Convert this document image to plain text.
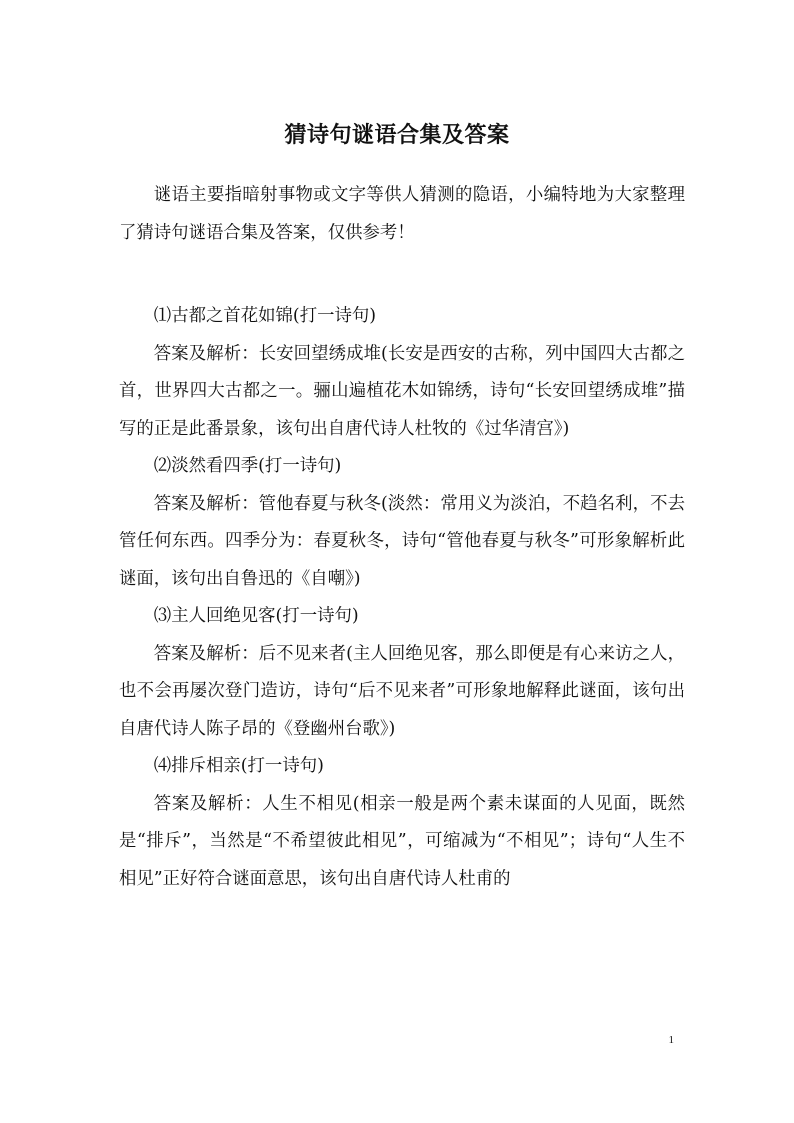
猜诗句谜语合集及答案

谜语主要指暗射事物或文字等供人猜测的隐语，小编特地为大家整理了猜诗句谜语合集及答案，仅供参考！

⑴古都之首花如锦(打一诗句)

答案及解析：长安回望绣成堆(长安是西安的古称，列中国四大古都之首，世界四大古都之一。骊山遍植花木如锦绣，诗句“长安回望绣成堆”描写的正是此番景象，该句出自唐代诗人杜牧的《过华清宫》)

⑵淡然看四季(打一诗句)

答案及解析：管他春夏与秋冬(淡然：常用义为淡泊，不趋名利，不去管任何东西。四季分为：春夏秋冬，诗句“管他春夏与秋冬”可形象解析此谜面，该句出自鲁迅的《自嘲》)

⑶主人回绝见客(打一诗句)

答案及解析：后不见来者(主人回绝见客，那么即便是有心来访之人，也不会再屡次登门造访，诗句“后不见来者”可形象地解释此谜面，该句出自唐代诗人陈子昂的《登幽州台歌》)

⑷排斥相亲(打一诗句)

答案及解析：人生不相见(相亲一般是两个素未谋面的人见面，既然是“排斥”，当然是“不希望彼此相见”，可缩减为“不相见”；诗句“人生不相见”正好符合谜面意思，该句出自唐代诗人杜甫的

1
